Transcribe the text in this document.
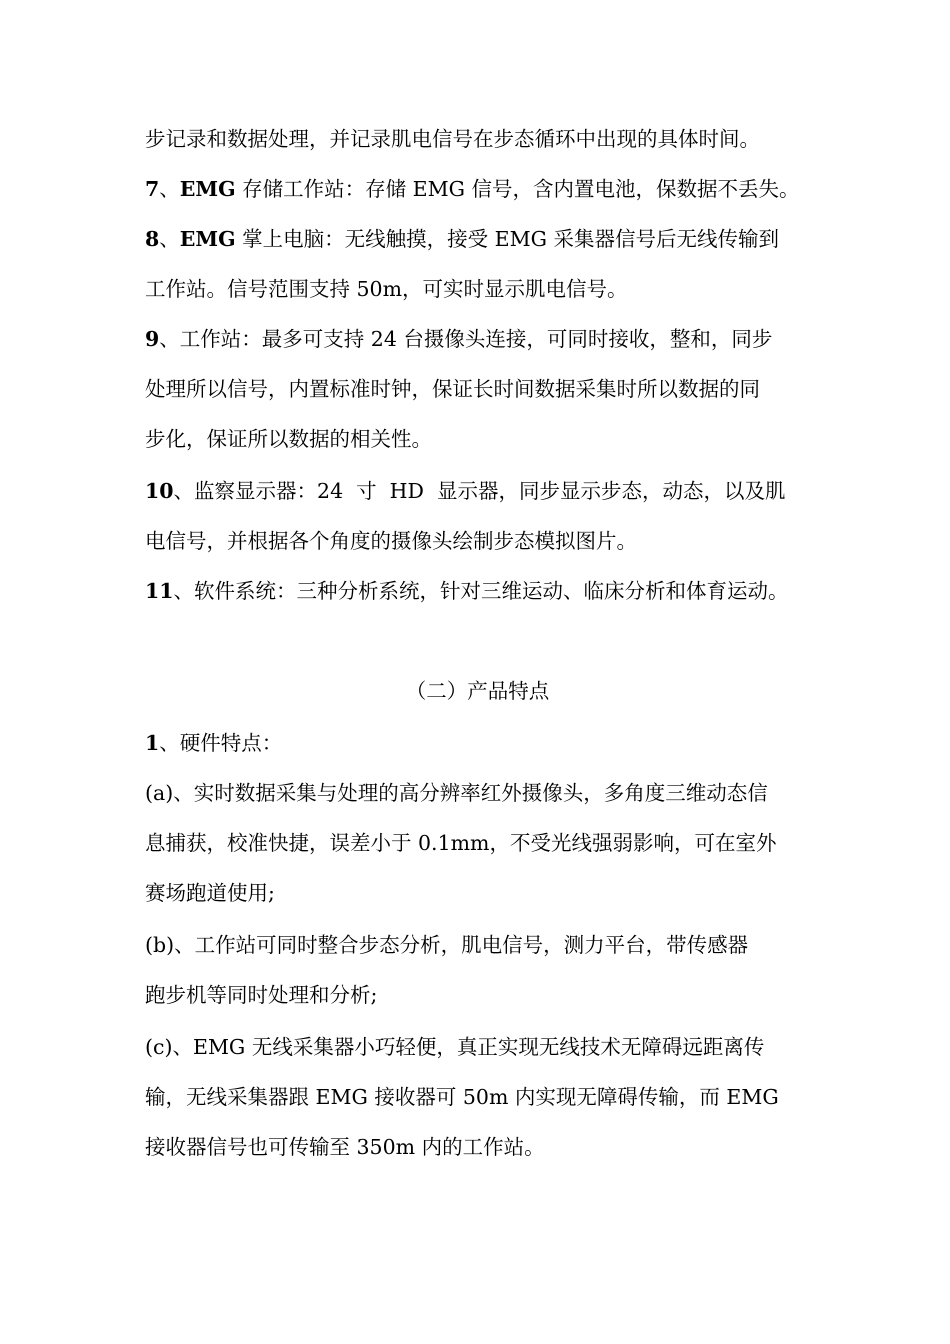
步记录和数据处理，并记录肌电信号在步态循环中出现的具体时间。
7、EMG 存储工作站：存储 EMG 信号，含内置电池，保数据不丢失。
8、EMG 掌上电脑：无线触摸，接受 EMG 采集器信号后无线传输到
工作站。信号范围支持 50m，可实时显示肌电信号。
9、工作站：最多可支持 24 台摄像头连接，可同时接收，整和，同步
处理所以信号，内置标准时钟，保证长时间数据采集时所以数据的同
步化，保证所以数据的相关性。
10、监察显示器：24  寸  HD  显示器，同步显示步态，动态，以及肌
电信号，并根据各个角度的摄像头绘制步态模拟图片。
11、软件系统：三种分析系统，针对三维运动、临床分析和体育运动。
（二）产品特点
1、硬件特点：
(a)、实时数据采集与处理的高分辨率红外摄像头，多角度三维动态信
息捕获，校准快捷，误差小于 0.1mm，不受光线强弱影响，可在室外
赛场跑道使用;
(b)、工作站可同时整合步态分析，肌电信号，测力平台，带传感器
跑步机等同时处理和分析;
(c)、EMG 无线采集器小巧轻便，真正实现无线技术无障碍远距离传
输，无线采集器跟 EMG 接收器可 50m 内实现无障碍传输，而 EMG
接收器信号也可传输至 350m 内的工作站。
